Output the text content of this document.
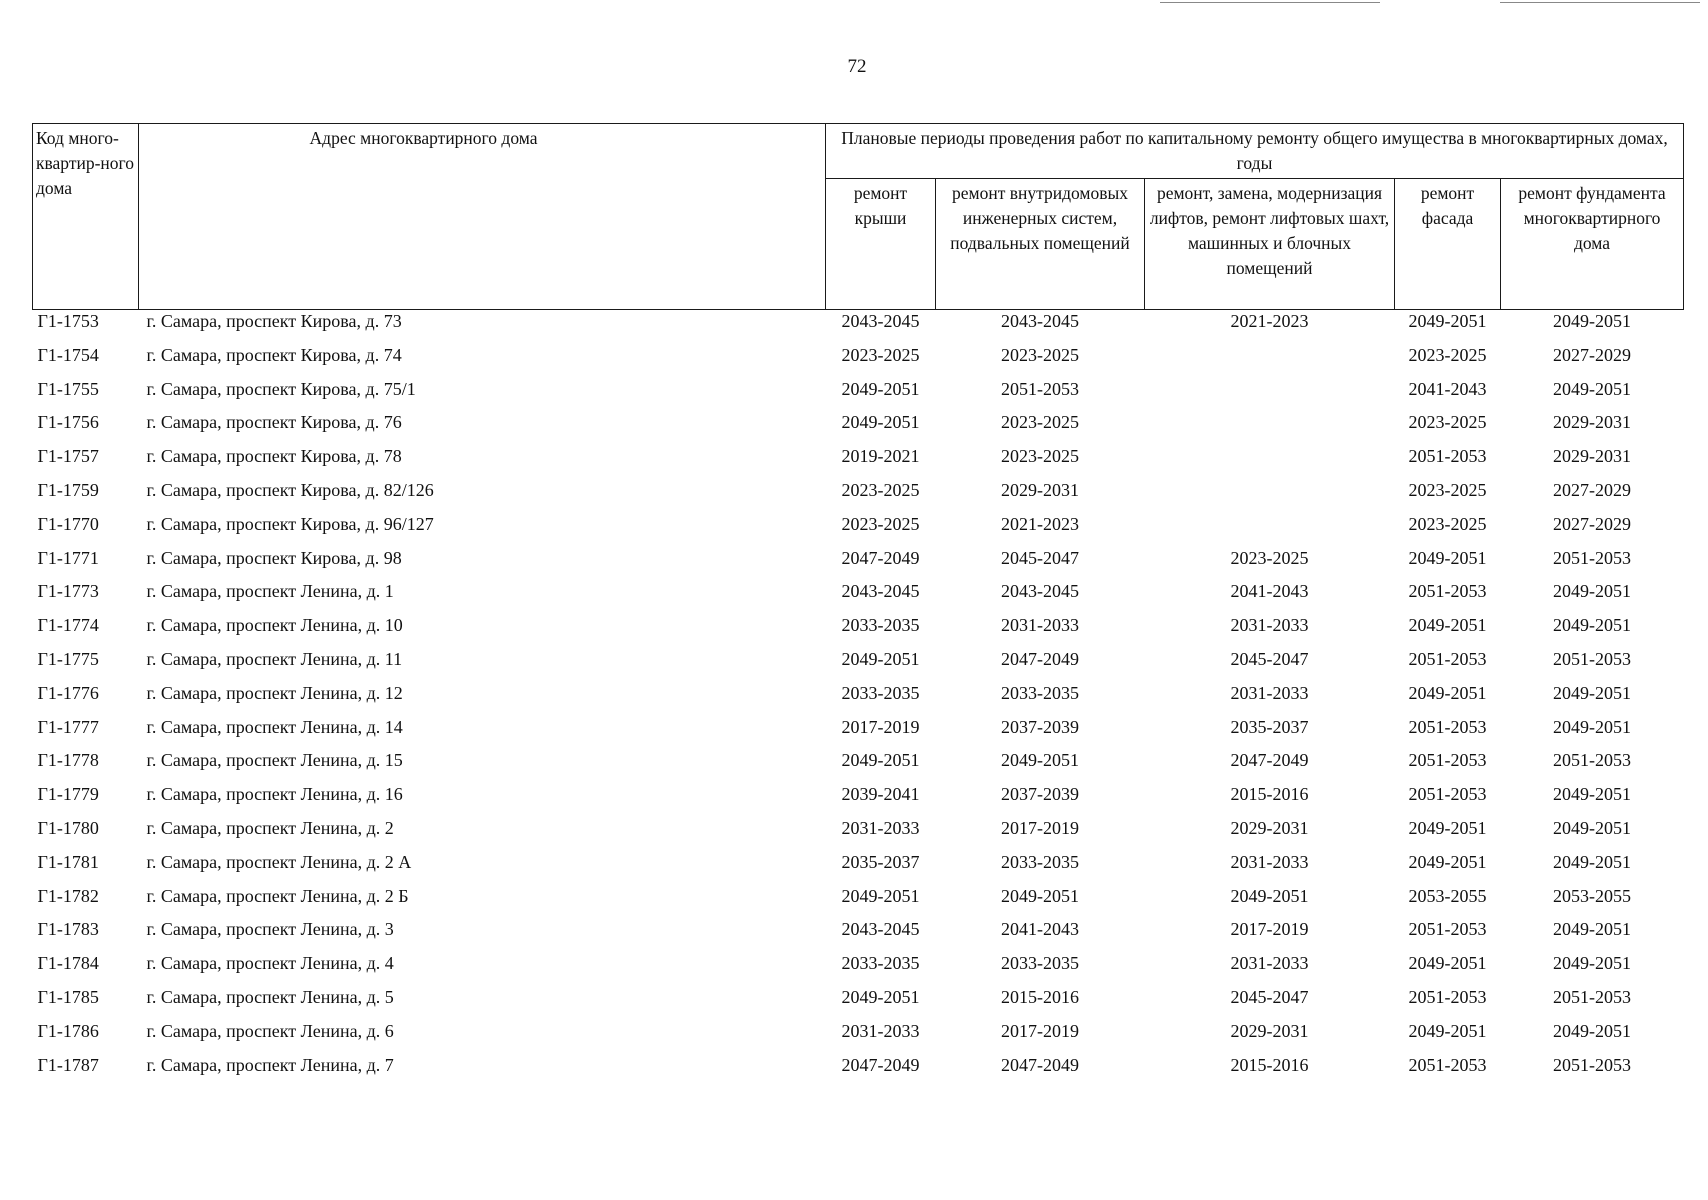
72
Код много-квартир-ного дома	Адрес многоквартирного дома	Плановые периоды проведения работ по капитальному ремонту общего имущества в многоквартирных домах, годы				
		ремонт крыши	ремонт внутридомовых инженерных систем, подвальных помещений	ремонт, замена, модернизация лифтов, ремонт лифтовых шахт, машинных и блочных помещений	ремонт фасада	ремонт фундамента многоквартирного дома
Г1-1753	г. Самара, проспект Кирова, д. 73	2043-2045	2043-2045	2021-2023	2049-2051	2049-2051
Г1-1754	г. Самара, проспект Кирова, д. 74	2023-2025	2023-2025		2023-2025	2027-2029
Г1-1755	г. Самара, проспект Кирова, д. 75/1	2049-2051	2051-2053		2041-2043	2049-2051
Г1-1756	г. Самара, проспект Кирова, д. 76	2049-2051	2023-2025		2023-2025	2029-2031
Г1-1757	г. Самара, проспект Кирова, д. 78	2019-2021	2023-2025		2051-2053	2029-2031
Г1-1759	г. Самара, проспект Кирова, д. 82/126	2023-2025	2029-2031		2023-2025	2027-2029
Г1-1770	г. Самара, проспект Кирова, д. 96/127	2023-2025	2021-2023		2023-2025	2027-2029
Г1-1771	г. Самара, проспект Кирова, д. 98	2047-2049	2045-2047	2023-2025	2049-2051	2051-2053
Г1-1773	г. Самара, проспект Ленина, д. 1	2043-2045	2043-2045	2041-2043	2051-2053	2049-2051
Г1-1774	г. Самара, проспект Ленина, д. 10	2033-2035	2031-2033	2031-2033	2049-2051	2049-2051
Г1-1775	г. Самара, проспект Ленина, д. 11	2049-2051	2047-2049	2045-2047	2051-2053	2051-2053
Г1-1776	г. Самара, проспект Ленина, д. 12	2033-2035	2033-2035	2031-2033	2049-2051	2049-2051
Г1-1777	г. Самара, проспект Ленина, д. 14	2017-2019	2037-2039	2035-2037	2051-2053	2049-2051
Г1-1778	г. Самара, проспект Ленина, д. 15	2049-2051	2049-2051	2047-2049	2051-2053	2051-2053
Г1-1779	г. Самара, проспект Ленина, д. 16	2039-2041	2037-2039	2015-2016	2051-2053	2049-2051
Г1-1780	г. Самара, проспект Ленина, д. 2	2031-2033	2017-2019	2029-2031	2049-2051	2049-2051
Г1-1781	г. Самара, проспект Ленина, д. 2 А	2035-2037	2033-2035	2031-2033	2049-2051	2049-2051
Г1-1782	г. Самара, проспект Ленина, д. 2 Б	2049-2051	2049-2051	2049-2051	2053-2055	2053-2055
Г1-1783	г. Самара, проспект Ленина, д. 3	2043-2045	2041-2043	2017-2019	2051-2053	2049-2051
Г1-1784	г. Самара, проспект Ленина, д. 4	2033-2035	2033-2035	2031-2033	2049-2051	2049-2051
Г1-1785	г. Самара, проспект Ленина, д. 5	2049-2051	2015-2016	2045-2047	2051-2053	2051-2053
Г1-1786	г. Самара, проспект Ленина, д. 6	2031-2033	2017-2019	2029-2031	2049-2051	2049-2051
Г1-1787	г. Самара, проспект Ленина, д. 7	2047-2049	2047-2049	2015-2016	2051-2053	2051-2053
